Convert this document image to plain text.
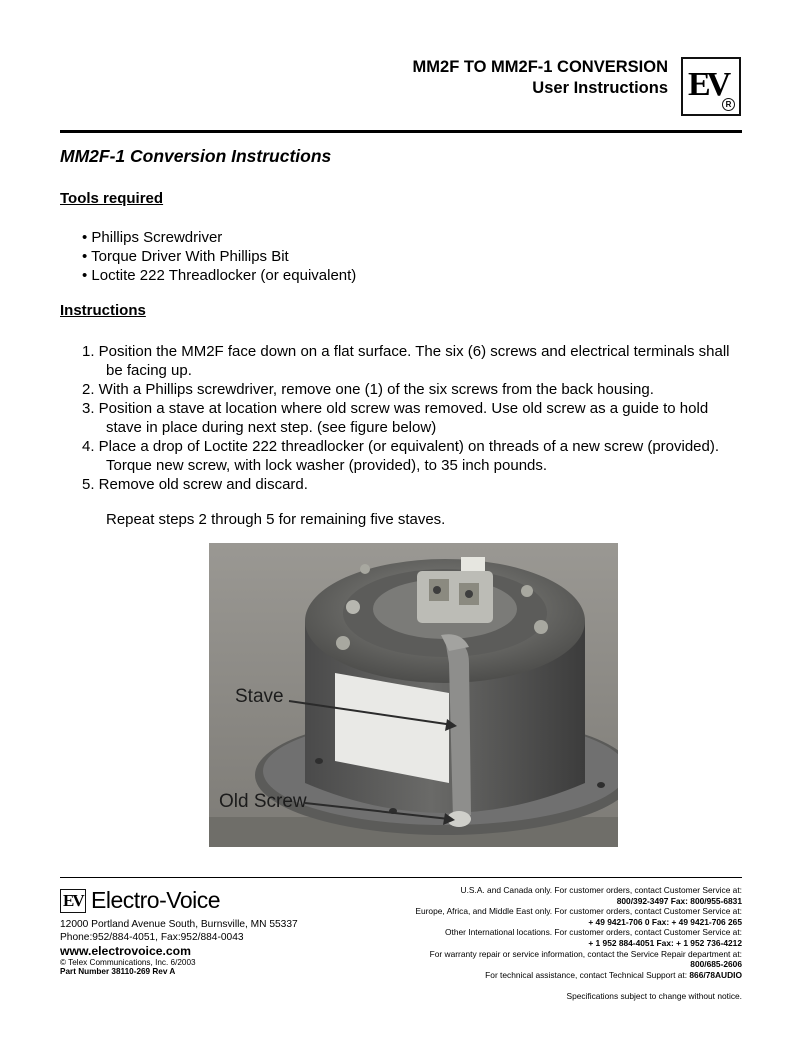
MM2F TO MM2F-1 CONVERSION
User Instructions EV
R
MM2F-1 Conversion Instructions
Tools required
• Phillips Screwdriver
• Torque Driver With Phillips Bit
• Loctite 222 Threadlocker (or equivalent)
Instructions
1. Position the MM2F face down on a flat surface. The six (6) screws and electrical terminals shall be facing up.
2. With a Phillips screwdriver, remove one (1) of the six screws from the back housing.
3. Position a stave at location where old screw was removed. Use old screw as a guide to hold stave in place during next step. (see figure below)
4. Place a drop of Loctite 222 threadlocker (or equivalent) on threads of a new screw (provided). Torque new screw, with lock washer (provided), to 35 inch pounds.
5. Remove old screw and discard.
Repeat steps 2 through 5 for remaining five staves.
Stave
Old Screw
EV Electro-Voice
12000 Portland Avenue South, Burnsville, MN 55337
Phone:952/884-4051, Fax:952/884-0043
www.electrovoice.com
© Telex Communications, Inc. 6/2003
Part Number 38110-269 Rev A
U.S.A. and Canada only. For customer orders, contact Customer Service at:
800/392-3497 Fax: 800/955-6831
Europe, Africa, and Middle East only. For customer orders, contact Customer Service at:
+ 49 9421-706 0 Fax: + 49 9421-706 265
Other International locations. For customer orders, contact Customer Service at:
+ 1 952 884-4051 Fax: + 1 952 736-4212
For warranty repair or service information, contact the Service Repair department at:
800/685-2606
For technical assistance, contact Technical Support at: 866/78AUDIO
Specifications subject to change without notice.
